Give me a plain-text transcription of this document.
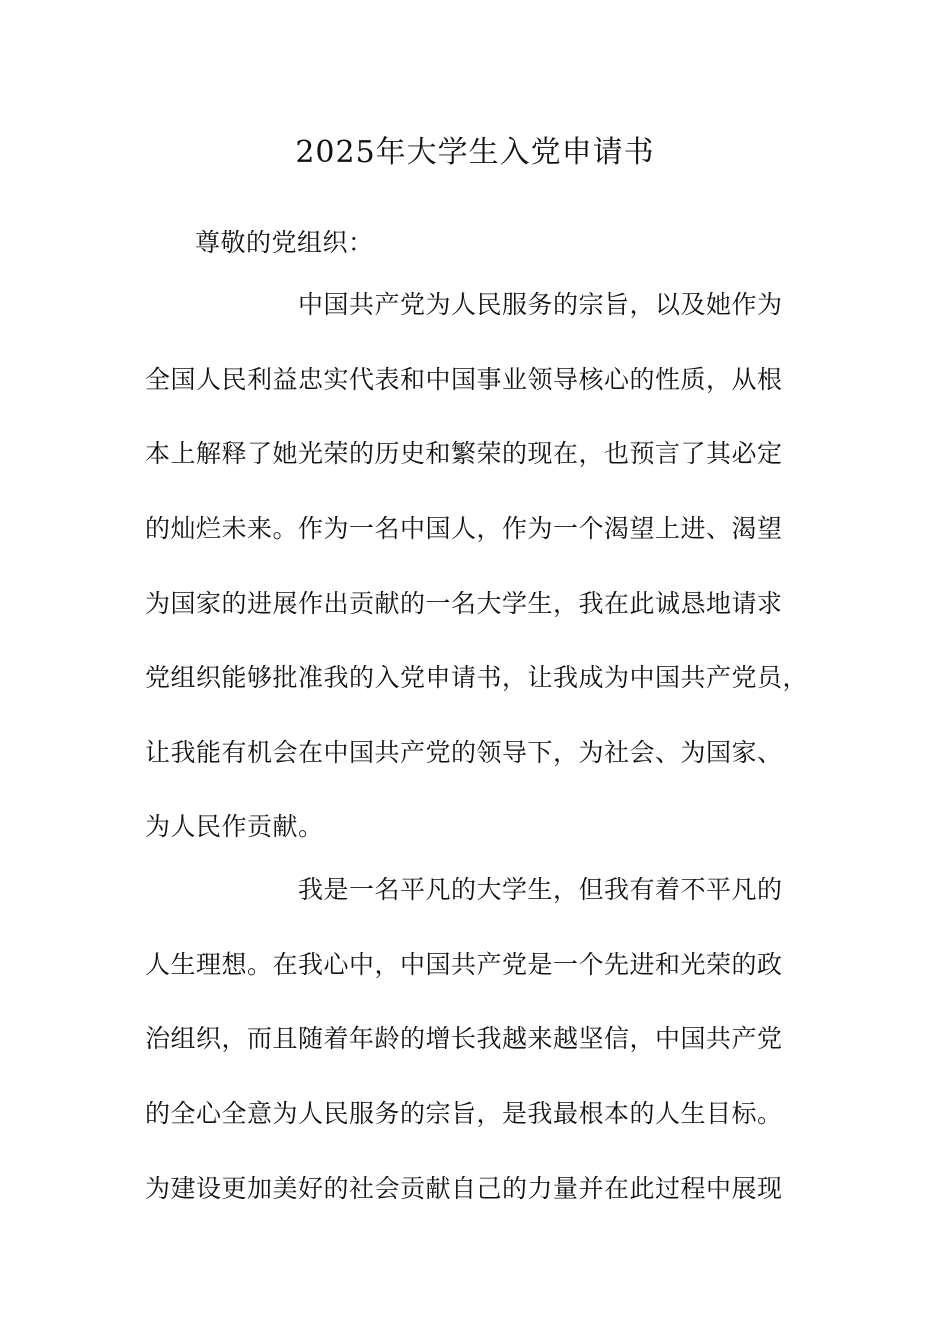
2025年大学生入党申请书
尊敬的党组织：
中国共产党为人民服务的宗旨，以及她作为
全国人民利益忠实代表和中国事业领导核心的性质，从根
本上解释了她光荣的历史和繁荣的现在，也预言了其必定
的灿烂未来。作为一名中国人，作为一个渴望上进、渴望
为国家的进展作出贡献的一名大学生，我在此诚恳地请求
党组织能够批准我的入党申请书，让我成为中国共产党员，
让我能有机会在中国共产党的领导下，为社会、为国家、
为人民作贡献。
我是一名平凡的大学生，但我有着不平凡的
人生理想。在我心中，中国共产党是一个先进和光荣的政
治组织，而且随着年龄的增长我越来越坚信，中国共产党
的全心全意为人民服务的宗旨，是我最根本的人生目标。
为建设更加美好的社会贡献自己的力量并在此过程中展现
